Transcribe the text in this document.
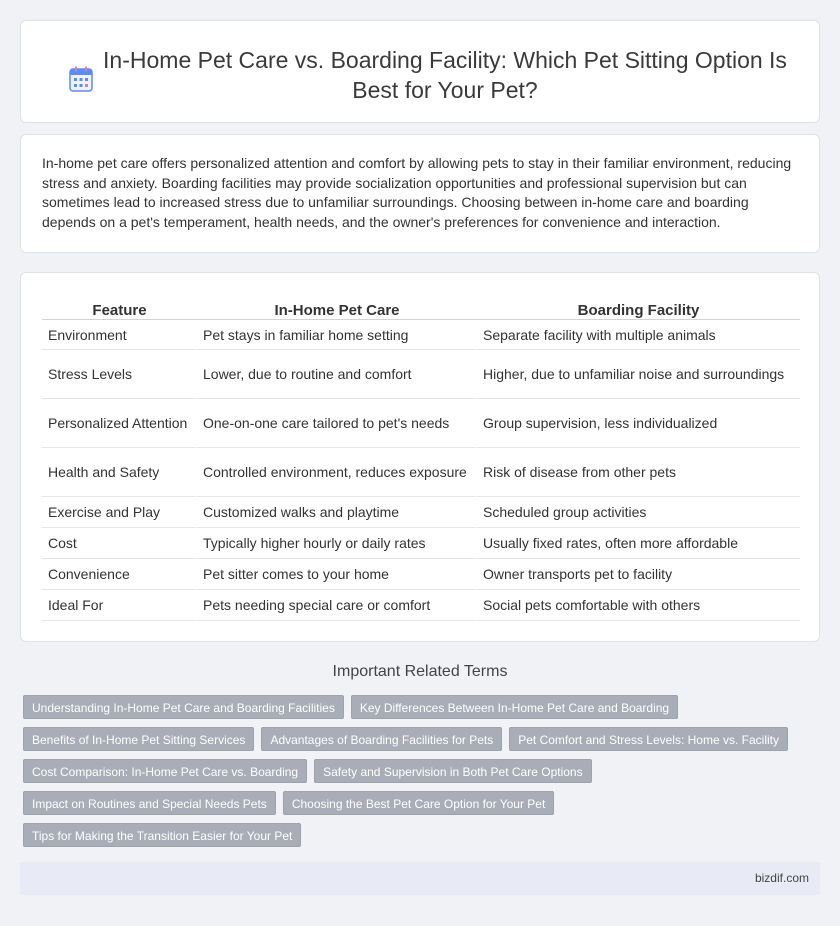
In-Home Pet Care vs. Boarding Facility: Which Pet Sitting Option Is Best for Your Pet?

In-home pet care offers personalized attention and comfort by allowing pets to stay in their familiar environment, reducing stress and anxiety. Boarding facilities may provide socialization opportunities and professional supervision but can sometimes lead to increased stress due to unfamiliar surroundings. Choosing between in-home care and boarding depends on a pet's temperament, health needs, and the owner's preferences for convenience and interaction.

Feature	In-Home Pet Care	Boarding Facility
Environment	Pet stays in familiar home setting	Separate facility with multiple animals
Stress Levels	Lower, due to routine and comfort	Higher, due to unfamiliar noise and surroundings
Personalized Attention	One-on-one care tailored to pet's needs	Group supervision, less individualized
Health and Safety	Controlled environment, reduces exposure	Risk of disease from other pets
Exercise and Play	Customized walks and playtime	Scheduled group activities
Cost	Typically higher hourly or daily rates	Usually fixed rates, often more affordable
Convenience	Pet sitter comes to your home	Owner transports pet to facility
Ideal For	Pets needing special care or comfort	Social pets comfortable with others
Important Related Terms
Understanding In-Home Pet Care and Boarding Facilities	Key Differences Between In-Home Pet Care and Boarding
Benefits of In-Home Pet Sitting Services	Advantages of Boarding Facilities for Pets	Pet Comfort and Stress Levels: Home vs. Facility
Cost Comparison: In-Home Pet Care vs. Boarding	Safety and Supervision in Both Pet Care Options
Impact on Routines and Special Needs Pets	Choosing the Best Pet Care Option for Your Pet
Tips for Making the Transition Easier for Your Pet
bizdif.com
